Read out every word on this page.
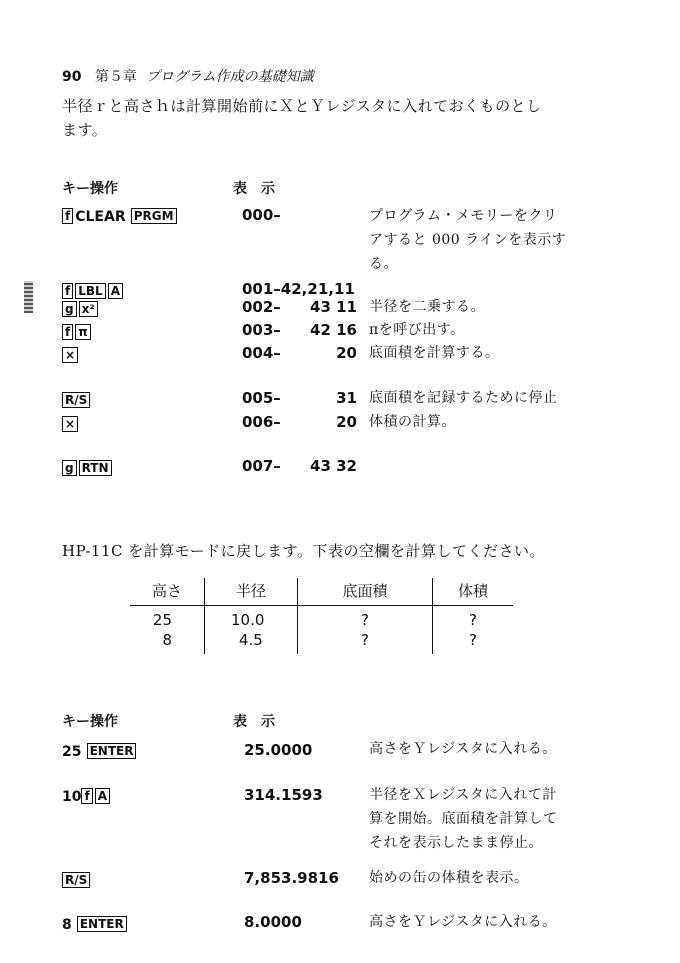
90 第５章 プログラム作成の基礎知識
半径ｒと高さｈは計算開始前にＸとＹレジスタに入れておくものとし
ます。
キー操作	表　示
f CLEAR PRGM	000–	プログラム・メモリーをクリ
アすると 000 ラインを表示す
る。
f LBL A	001–42,21,11
g x²	002–	43 11 半径を二乗する。
f π	003–	42 16 πを呼び出す。
×	004–	20 底面積を計算する。
R/S	005–	31 底面積を記録するために停止
×	006–	20 体積の計算。
g RTN	007–	43 32
HP-11C を計算モードに戻します。下表の空欄を計算してください。
高さ	半径	底面積	体積
25	10.0	?	?
8	4.5	?	?
キー操作	表　示
25 ENTER	25.0000	高さをＹレジスタに入れる。
10 f A	314.1593	半径をＸレジスタに入れて計
算を開始。底面積を計算して
それを表示したまま停止。
R/S	7,853.9816 始めの缶の体積を表示。
8 ENTER	8.0000	高さをＹレジスタに入れる。
